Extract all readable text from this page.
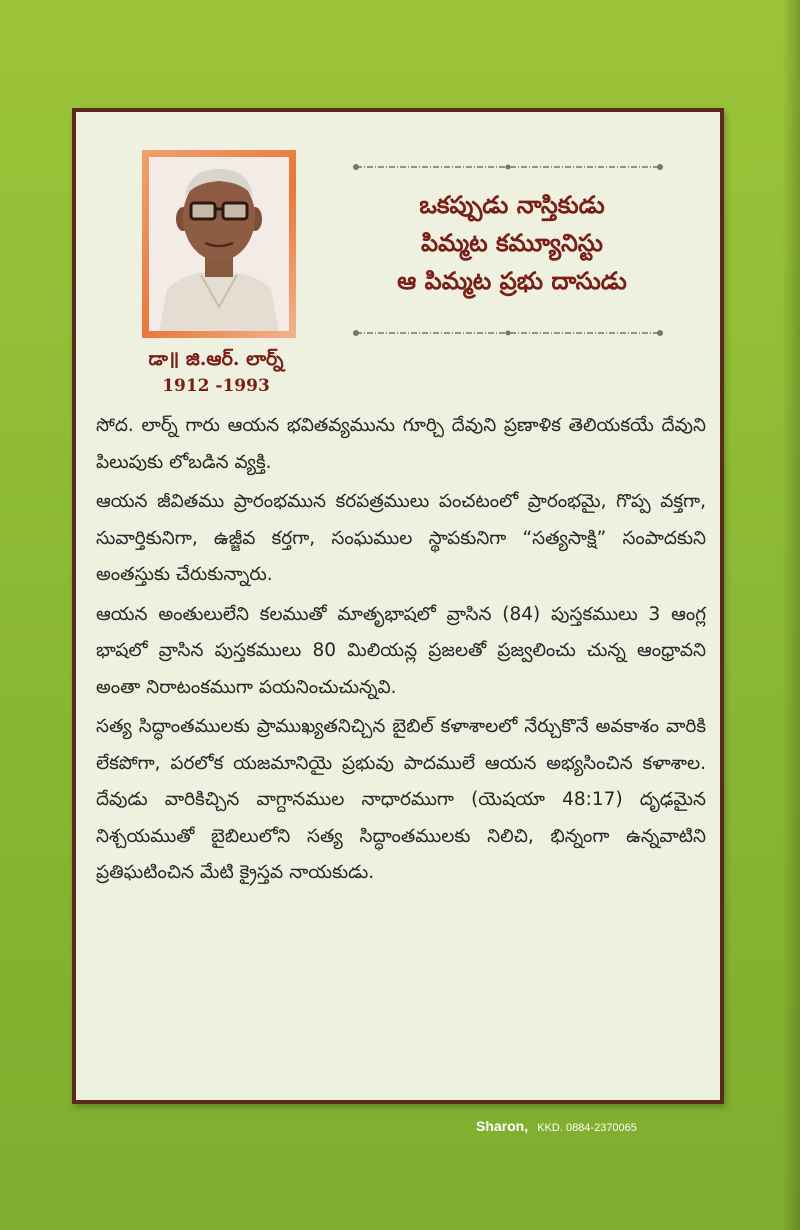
డా॥ జి.ఆర్. లార్న్
1912 -1993
ఒకప్పుడు నాస్తికుడు
పిమ్మట కమ్యూనిస్టు
ఆ పిమ్మట ప్రభు దాసుడు

సోద. లార్న్ గారు ఆయన భవితవ్యమును గూర్చి దేవుని ప్రణాళిక తెలియకయే దేవుని పిలుపుకు లోబడిన వ్యక్తి.

ఆయన జీవితము ప్రారంభమున కరపత్రములు పంచటంలో ప్రారంభమై, గొప్ప వక్తగా, సువార్తికునిగా, ఉజ్జీవ కర్తగా, సంఘముల స్థాపకునిగా “సత్యసాక్షి” సంపాదకుని అంతస్తుకు చేరుకున్నారు.

ఆయన అంతులులేని కలముతో మాతృభాషలో వ్రాసిన (84) పుస్తకములు 3 ఆంగ్ల భాషలో వ్రాసిన పుస్తకములు 80 మిలియన్ల ప్రజలతో ప్రజ్వలించు చున్న ఆంధ్రావని అంతా నిరాటంకముగా పయనించుచున్నవి.

సత్య సిద్ధాంతములకు ప్రాముఖ్యతనిచ్చిన బైబిల్ కళాశాలలో నేర్చుకొనే అవకాశం వారికి లేకపోగా, పరలోక యజమానియై ప్రభువు పాదములే ఆయన అభ్యసించిన కళాశాల. దేవుడు వారికిచ్చిన వాగ్దానముల నాధారముగా (యెషయా 48:17) దృఢమైన నిశ్చయముతో బైబిలులోని సత్య సిద్ధాంతములకు నిలిచి, భిన్నంగా ఉన్నవాటిని ప్రతిఘటించిన మేటి క్రైస్తవ నాయకుడు.

Sharon, KKD. 0884-2370065
